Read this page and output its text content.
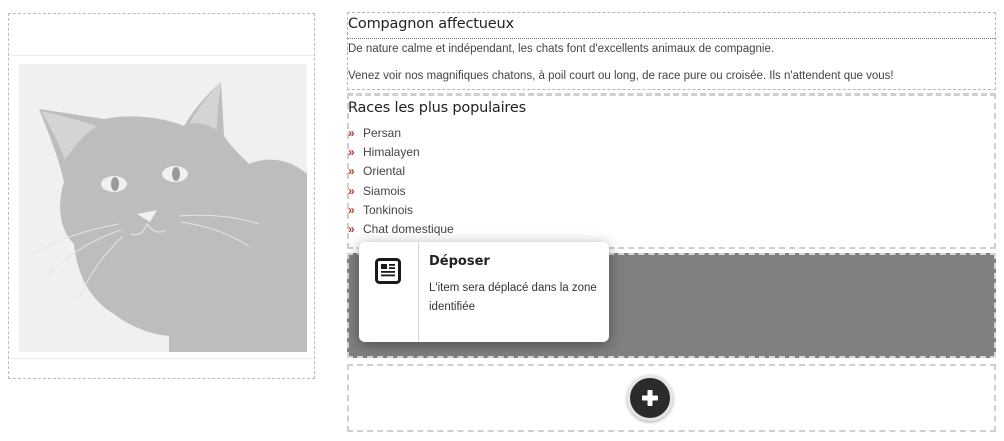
Compagnon affectueux
De nature calme et indépendant, les chats font d'excellents animaux de compagnie.
Venez voir nos magnifiques chatons, à poil court ou long, de race pure ou croisée. Ils n'attendent que vous!
Races les plus populaires
» Persan
» Himalayen
» Oriental
» Siamois
» Tonkinois
» Chat domestique
Déposer
L'item sera déplacé dans la zone identifiée
